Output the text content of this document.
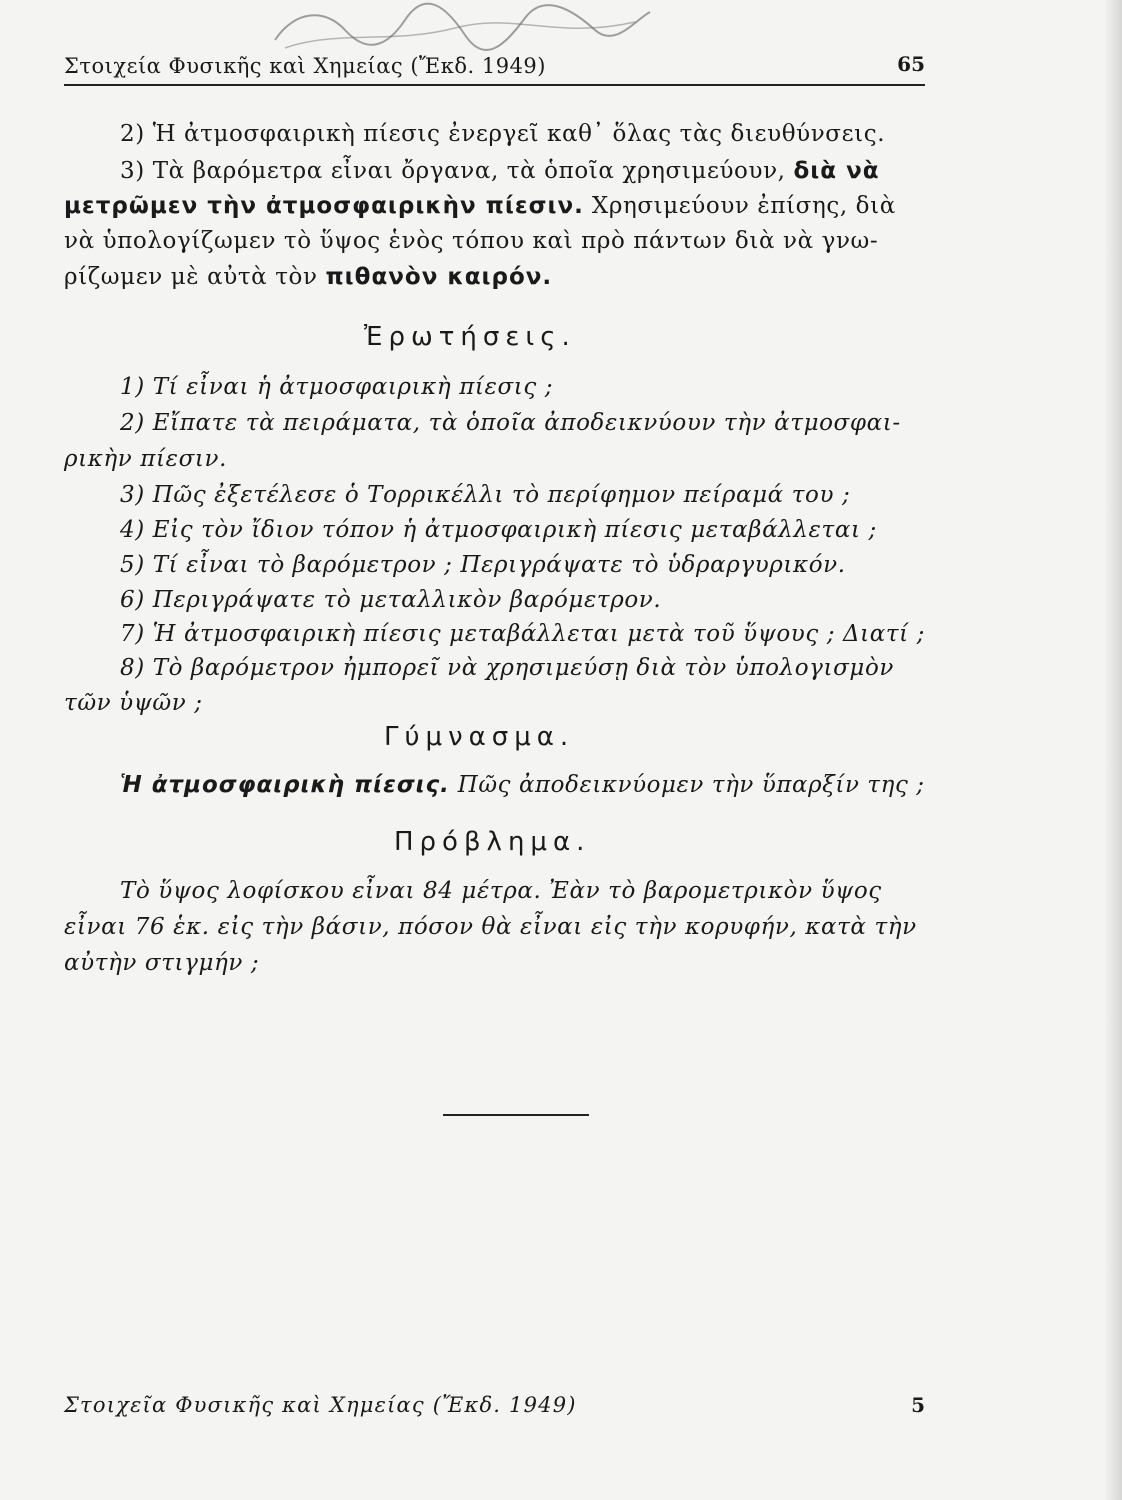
Στοιχεία Φυσικῆς καὶ Χημείας (Ἔκδ. 1949)	65
2) Ἡ ἀτμοσφαιρικὴ πίεσις ἐνεργεῖ καθ᾽ ὅλας τὰς διευθύνσεις.
3) Τὰ βαρόμετρα εἶναι ὄργανα, τὰ ὁποῖα χρησιμεύουν, διὰ νὰ
μετρῶμεν τὴν ἀτμοσφαιρικὴν πίεσιν. Χρησιμεύουν ἐπίσης, διὰ
νὰ ὑπολογίζωμεν τὸ ὕψος ἑνὸς τόπου καὶ πρὸ πάντων διὰ νὰ γνω-
ρίζωμεν μὲ αὐτὰ τὸν πιθανὸν καιρόν.
Ἐρωτήσεις.
1) Τί εἶναι ἡ ἀτμοσφαιρικὴ πίεσις ;
2) Εἴπατε τὰ πειράματα, τὰ ὁποῖα ἀποδεικνύουν τὴν ἀτμοσφαι-
ρικὴν πίεσιν.
3) Πῶς ἐξετέλεσε ὁ Τορρικέλλι τὸ περίφημον πείραμά του ;
4) Εἰς τὸν ἴδιον τόπον ἡ ἀτμοσφαιρικὴ πίεσις μεταβάλλεται ;
5) Τί εἶναι τὸ βαρόμετρον ; Περιγράψατε τὸ ὑδραργυρικόν.
6) Περιγράψατε τὸ μεταλλικὸν βαρόμετρον.
7) Ἡ ἀτμοσφαιρικὴ πίεσις μεταβάλλεται μετὰ τοῦ ὕψους ; Διατί ;
8) Τὸ βαρόμετρον ἠμπορεῖ νὰ χρησιμεύσῃ διὰ τὸν ὑπολογισμὸν
τῶν ὑψῶν ;
Γύμνασμα.
Ἡ ἀτμοσφαιρικὴ πίεσις. Πῶς ἀποδεικνύομεν τὴν ὕπαρξίν της ;
Πρόβλημα.
Τὸ ὕψος λοφίσκου εἶναι 84 μέτρα. Ἐὰν τὸ βαρομετρικὸν ὕψος
εἶναι 76 ἑκ. εἰς τὴν βάσιν, πόσον θὰ εἶναι εἰς τὴν κορυφήν, κατὰ τὴν
αὐτὴν στιγμήν ;
Στοιχεῖα Φυσικῆς καὶ Χημείας (Ἔκδ. 1949)	5
